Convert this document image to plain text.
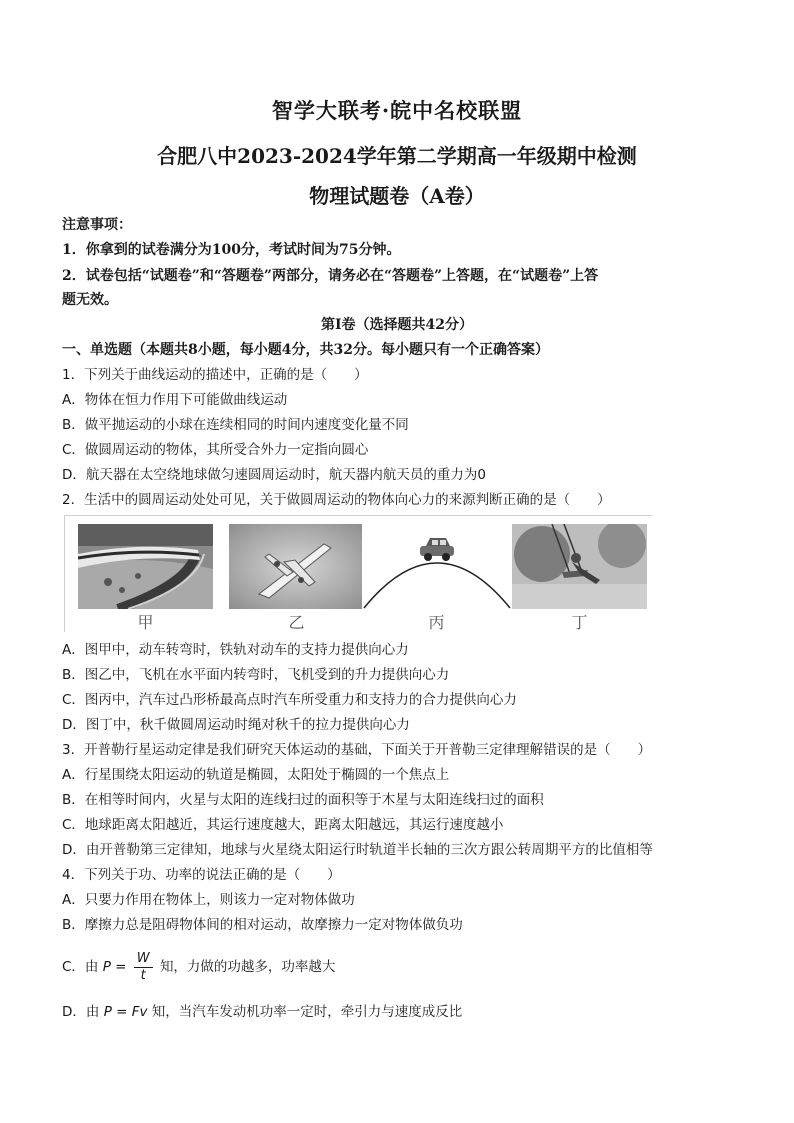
智学大联考·皖中名校联盟
合肥八中2023-2024学年第二学期高一年级期中检测
物理试题卷（A卷）
注意事项：
1．你拿到的试卷满分为100分，考试时间为75分钟。
2．试卷包括“试题卷”和“答题卷”两部分，请务必在“答题卷”上答题，在“试题卷”上答
题无效。
第Ⅰ卷（选择题共42分）
一、单选题（本题共8小题，每小题4分，共32分。每小题只有一个正确答案）
1．下列关于曲线运动的描述中，正确的是（　　）
A．物体在恒力作用下可能做曲线运动
B．做平抛运动的小球在连续相同的时间内速度变化量不同
C．做圆周运动的物体，其所受合外力一定指向圆心
D．航天器在太空绕地球做匀速圆周运动时，航天器内航天员的重力为0
2．生活中的圆周运动处处可见，关于做圆周运动的物体向心力的来源判断正确的是（　　）
甲	乙	丙	丁
A．图甲中，动车转弯时，铁轨对动车的支持力提供向心力
B．图乙中，飞机在水平面内转弯时，飞机受到的升力提供向心力
C．图丙中，汽车过凸形桥最高点时汽车所受重力和支持力的合力提供向心力
D．图丁中，秋千做圆周运动时绳对秋千的拉力提供向心力
3．开普勒行星运动定律是我们研究天体运动的基础，下面关于开普勒三定律理解错误的是（　　）
A．行星围绕太阳运动的轨道是椭圆，太阳处于椭圆的一个焦点上
B．在相等时间内，火星与太阳的连线扫过的面积等于木星与太阳连线扫过的面积
C．地球距离太阳越近，其运行速度越大，距离太阳越远，其运行速度越小
D．由开普勒第三定律知，地球与火星绕太阳运行时轨道半长轴的三次方跟公转周期平方的比值相等
4．下列关于功、功率的说法正确的是（　　）
A．只要力作用在物体上，则该力一定对物体做功
B．摩擦力总是阻碍物体间的相对运动，故摩擦力一定对物体做负功
C．由 $P = \frac{W}{t}$ 知，力做的功越多，功率越大
D．由 P = Fv 知，当汽车发动机功率一定时，牵引力与速度成反比
